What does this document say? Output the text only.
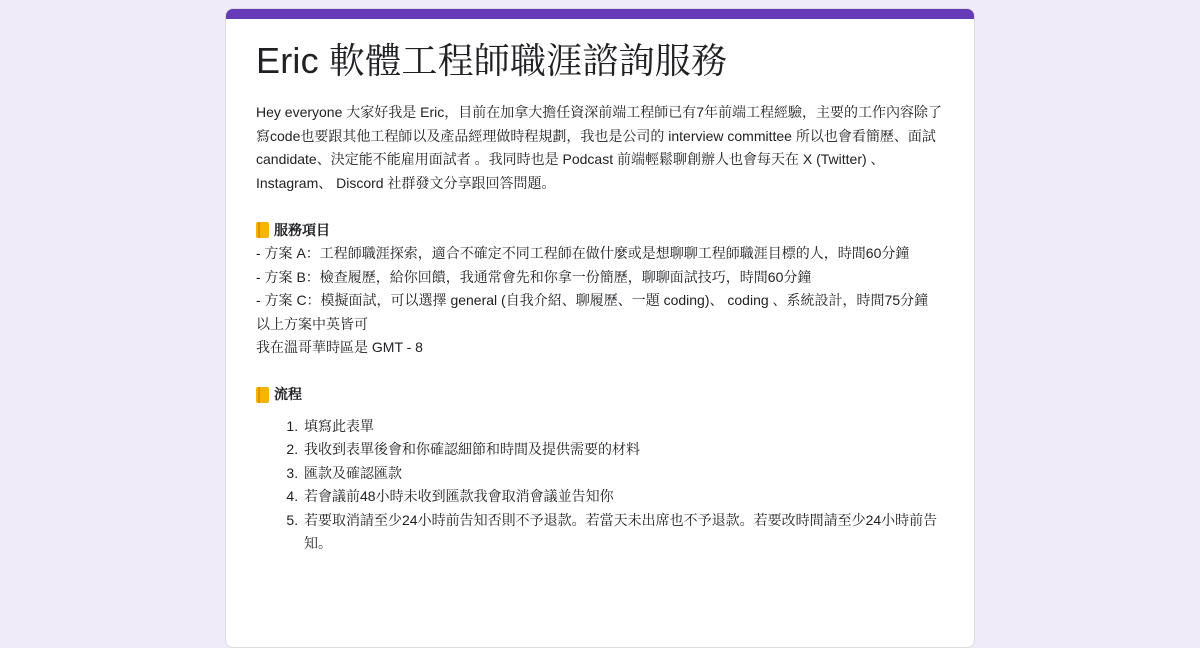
Eric 軟體工程師職涯諮詢服務

Hey everyone 大家好我是 Eric，目前在加拿大擔任資深前端工程師已有7年前端工程經驗，主要的工作內容除了寫code也要跟其他工程師以及產品經理做時程規劃，我也是公司的 interview committee 所以也會看簡歷、面試candidate、決定能不能雇用面試者 。我同時也是 Podcast 前端輕鬆聊創辦人也會每天在 X (Twitter) 、 Instagram、 Discord 社群發文分享跟回答問題。

服務項目

- 方案 A：工程師職涯探索，適合不確定不同工程師在做什麼或是想聊聊工程師職涯目標的人，時間60分鐘

- 方案 B：檢查履歷，給你回饋，我通常會先和你拿一份簡歷，聊聊面試技巧，時間60分鐘

- 方案 C：模擬面試，可以選擇 general (自我介紹、聊履歷、一題 coding)、 coding 、系統設計，時間75分鐘

以上方案中英皆可

我在溫哥華時區是 GMT - 8

流程

1. 填寫此表單
2. 我收到表單後會和你確認細節和時間及提供需要的材料
3. 匯款及確認匯款
4. 若會議前48小時未收到匯款我會取消會議並告知你
5. 若要取消請至少24小時前告知否則不予退款。若當天未出席也不予退款。若要改時間請至少24小時前告知。
